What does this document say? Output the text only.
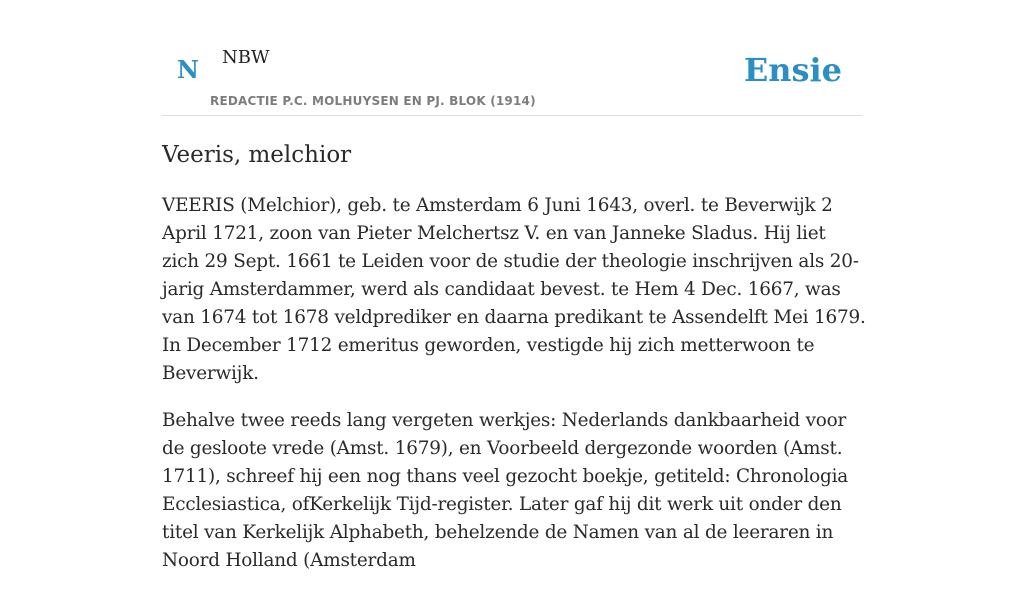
N NBW
REDACTIE P.C. MOLHUYSEN EN PJ. BLOK (1914)
Ensie
Veeris, melchior

VEERIS (Melchior), geb. te Amsterdam 6 Juni 1643, overl. te Beverwijk 2 April 1721, zoon van Pieter Melchertsz V. en van Janneke Sladus. Hij liet zich 29 Sept. 1661 te Leiden voor de studie der theologie inschrijven als 20-jarig Amsterdammer, werd als candidaat bevest. te Hem 4 Dec. 1667, was van 1674 tot 1678 veldprediker en daarna predikant te Assendelft Mei 1679. In December 1712 emeritus geworden, vestigde hij zich metterwoon te Beverwijk.

Behalve twee reeds lang vergeten werkjes: Nederlands dankbaarheid voor de gesloote vrede (Amst. 1679), en Voorbeeld dergezonde woorden (Amst. 1711), schreef hij een nog thans veel gezocht boekje, getiteld: Chronologia Ecclesiastica, ofKerkelijk Tijd-register. Later gaf hij dit werk uit onder den titel van Kerkelijk Alphabeth, behelzende de Namen van al de leeraren in Noord Holland (Amsterdam
